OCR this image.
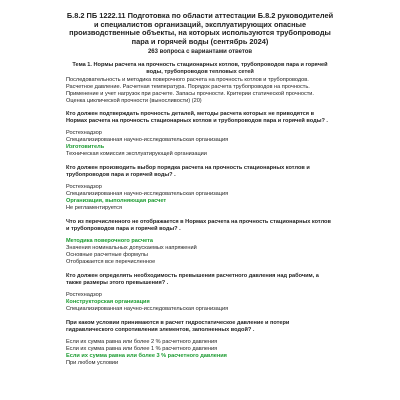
Б.8.2 ПБ 1222.11 Подготовка по области аттестации Б.8.2 руководителей и специалистов организаций, эксплуатирующих опасные производственные объекты, на которых используются трубопроводы пара и горячей воды (сентябрь 2024)
263 вопроса с вариантами ответов
Тема 1. Нормы расчета на прочность стационарных котлов, трубопроводов пара и горячей воды, трубопроводов тепловых сетей
Последовательность и методика поверочного расчета на прочность котлов и трубопроводов. Расчетное давление. Расчетная температура. Порядок расчета трубопроводов на прочность. Применение и учет нагрузок при расчете. Запасы прочности. Критерии статической прочности. Оценка циклической прочности (выносливости) (20)
Кто должен подтверждать прочность деталей, методы расчета которых не приводятся в Нормах расчета на прочность стационарных котлов и трубопроводов пара и горячей воды? .
Ростехнадзор
Специализированная научно-исследовательская организация
Изготовитель
Техническая комиссия эксплуатирующей организации
Кто должен производить выбор порядка расчета на прочность стационарных котлов и трубопроводов пара и горячей воды? .
Ростехнадзор
Специализированная научно-исследовательская организация
Организация, выполняющая расчет
Не регламентируется
Что из перечисленного не отображается в Нормах расчета на прочность стационарных котлов и трубопроводов пара и горячей воды? .
Методика поверочного расчета
Значения номинальных допускаемых напряжений
Основные расчетные формулы
Отображается все перечисленное
Кто должен определять необходимость превышения расчетного давления над рабочим, а также размеры этого превышения? .
Ростехнадзор
Конструкторская организация
Специализированная научно-исследовательская организация
При каком условии принимаются в расчет гидростатическое давление и потери гидравлического сопротивления элементов, заполненных водой? .
Если их сумма равна или более 2 % расчетного давления
Если их сумма равна или более 1 % расчетного давления
Если их сумма равна или более 3 % расчетного давления
При любом условии
